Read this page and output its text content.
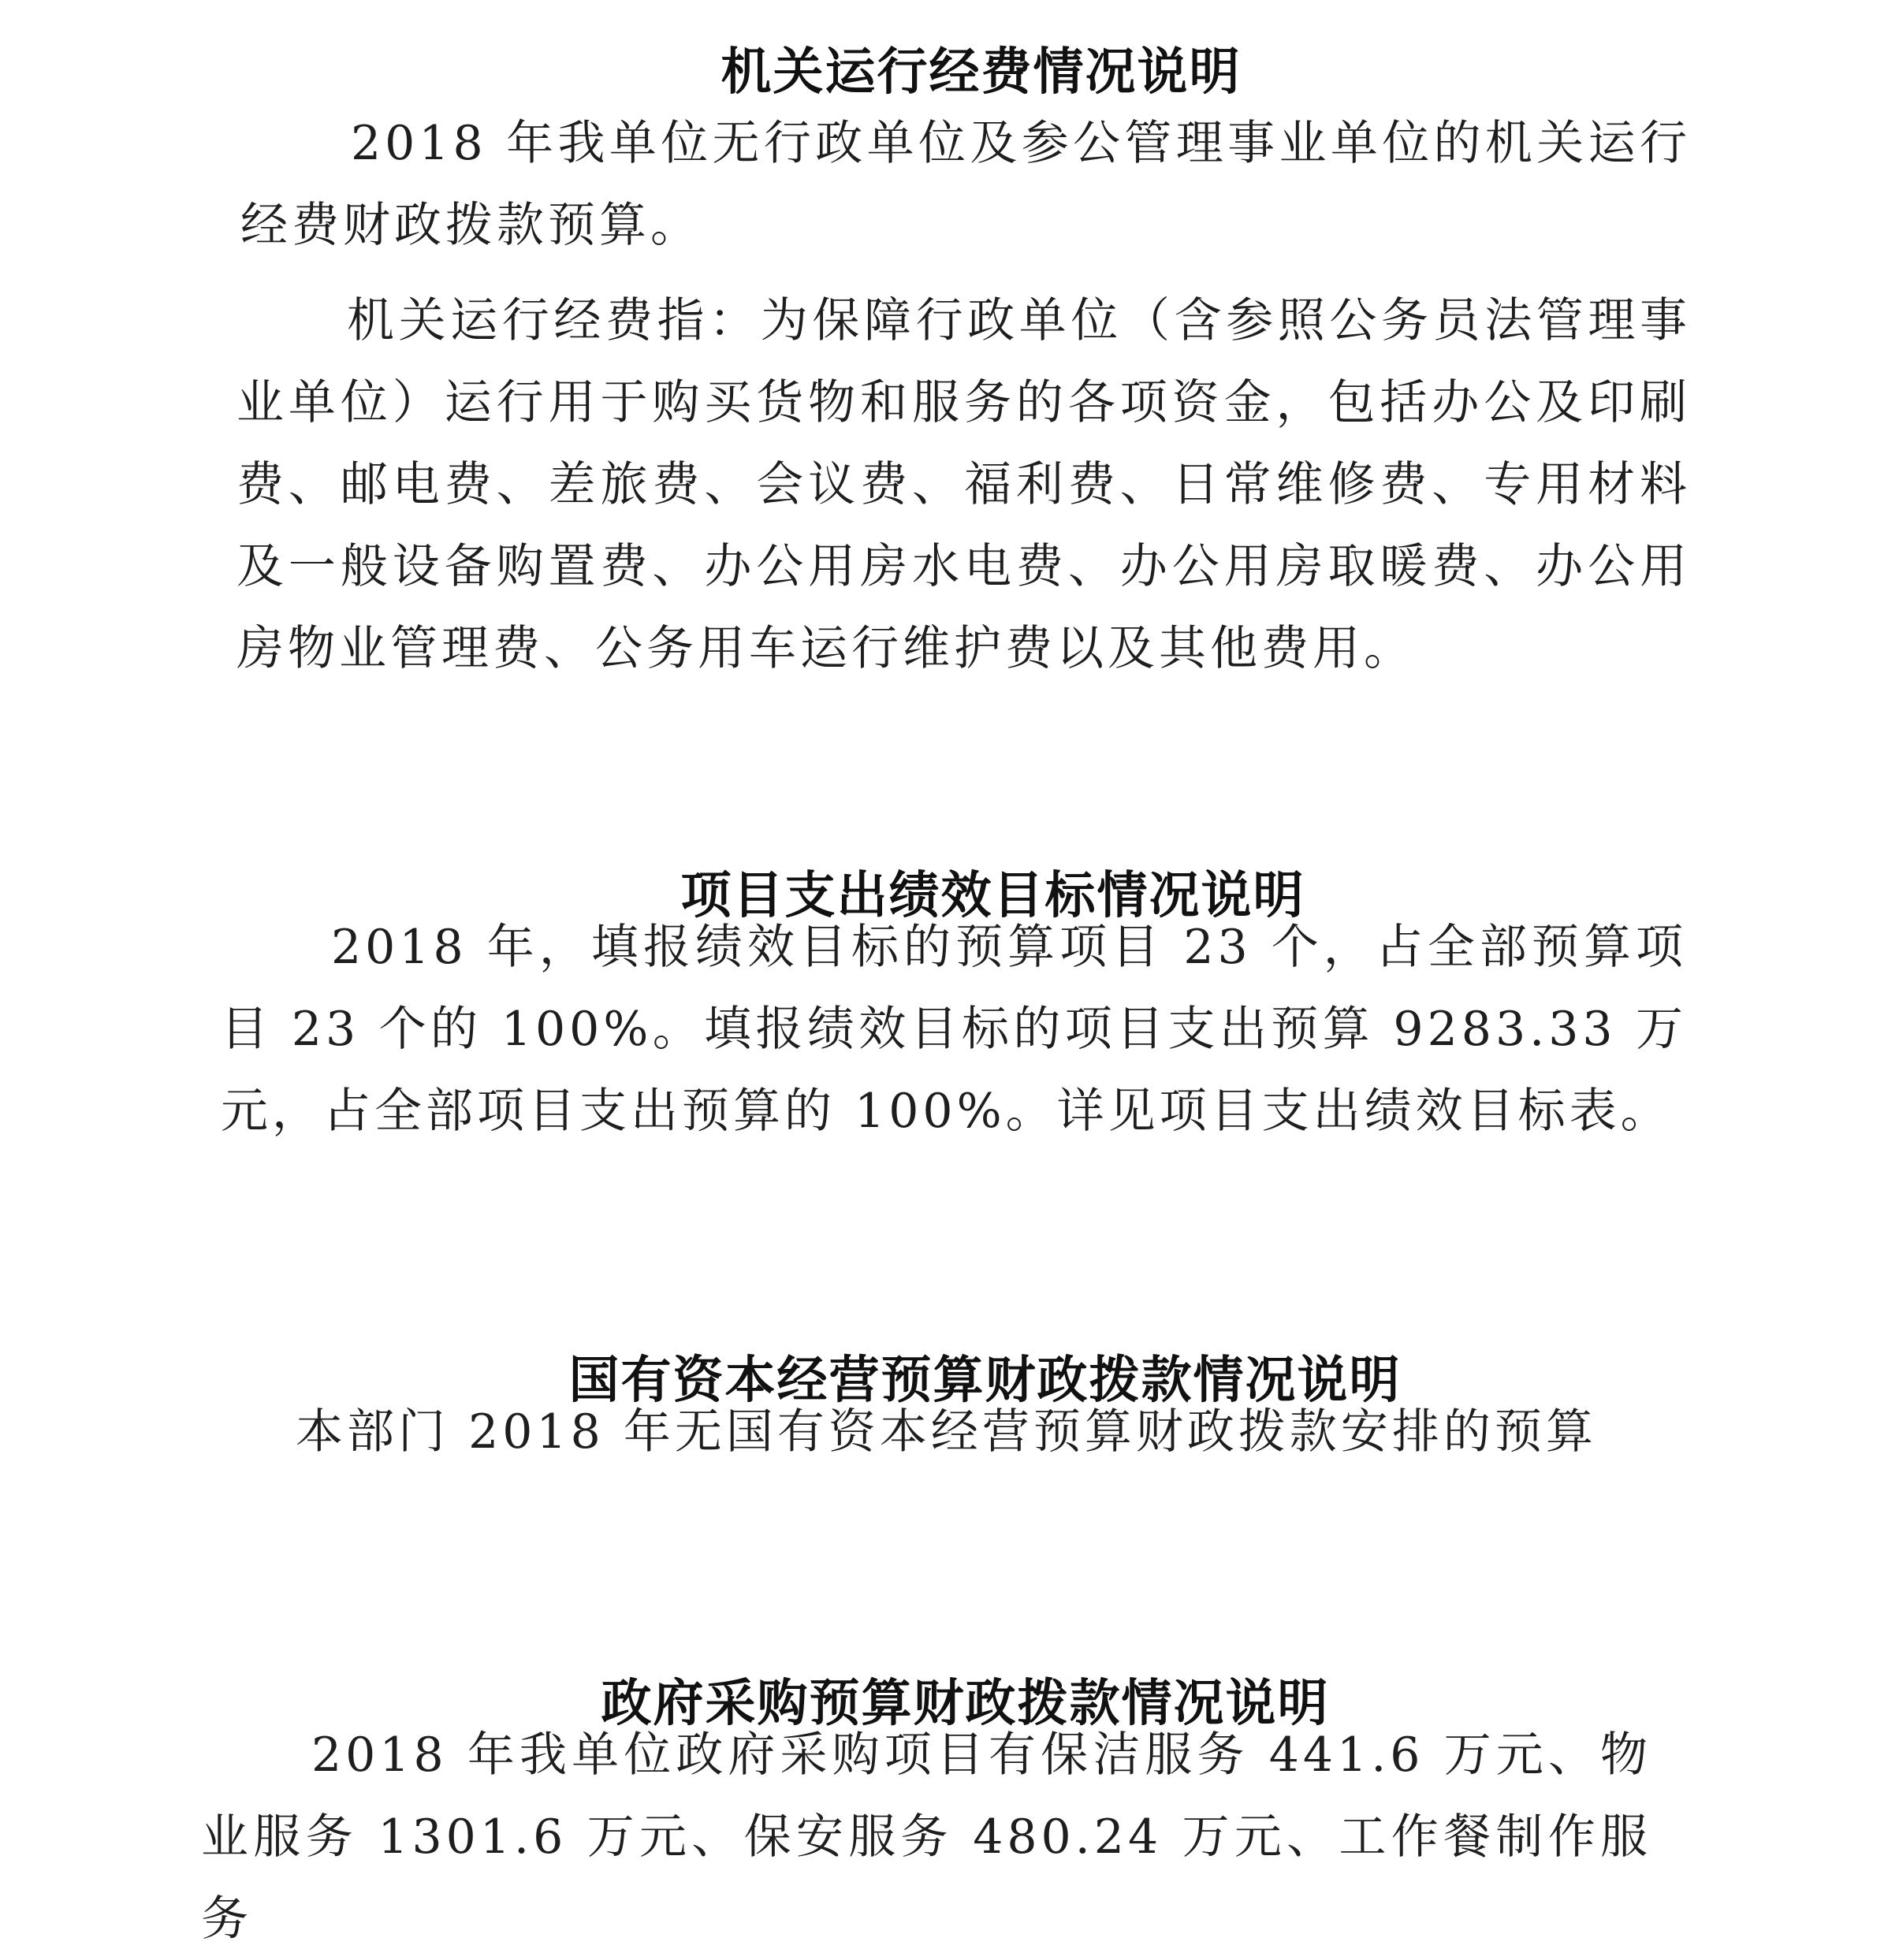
机关运行经费情况说明

2018 年我单位无行政单位及参公管理事业单位的机关运行经费财政拨款预算。

机关运行经费指：为保障行政单位（含参照公务员法管理事业单位）运行用于购买货物和服务的各项资金，包括办公及印刷费、邮电费、差旅费、会议费、福利费、日常维修费、专用材料及一般设备购置费、办公用房水电费、办公用房取暖费、办公用房物业管理费、公务用车运行维护费以及其他费用。

项目支出绩效目标情况说明

2018 年，填报绩效目标的预算项目 23 个，占全部预算项目 23 个的 100%。填报绩效目标的项目支出预算 9283.33 万元，占全部项目支出预算的 100%。详见项目支出绩效目标表。

国有资本经营预算财政拨款情况说明

本部门 2018 年无国有资本经营预算财政拨款安排的预算

政府采购预算财政拨款情况说明

2018 年我单位政府采购项目有保洁服务 441.6 万元、物业服务 1301.6 万元、保安服务 480.24 万元、工作餐制作服务
